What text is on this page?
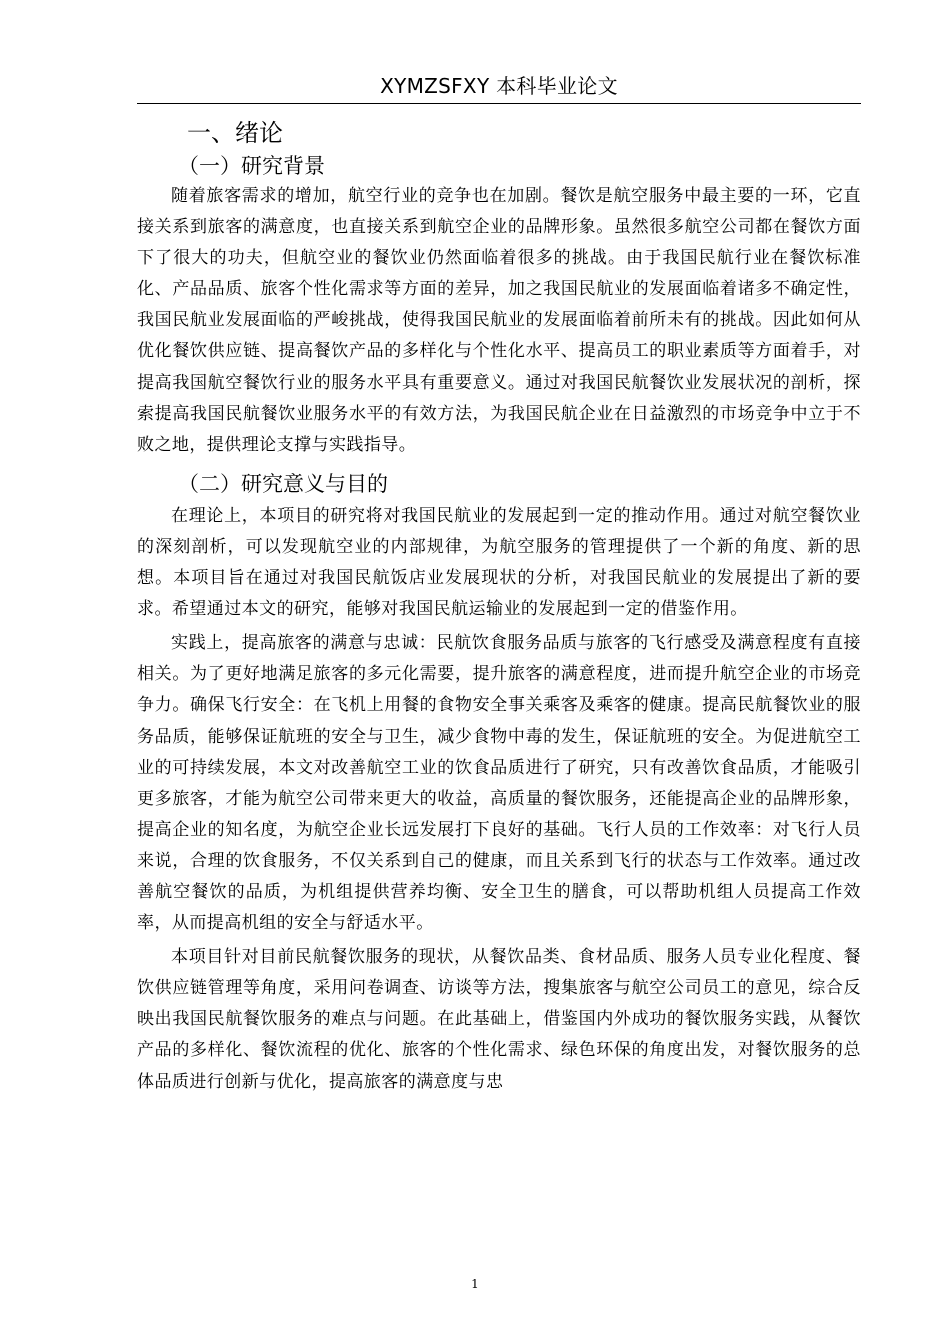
XYMZSFXY 本科毕业论文
一、绪论
（一）研究背景

随着旅客需求的增加，航空行业的竞争也在加剧。餐饮是航空服务中最主要的一环，它直接关系到旅客的满意度，也直接关系到航空企业的品牌形象。虽然很多航空公司都在餐饮方面下了很大的功夫，但航空业的餐饮业仍然面临着很多的挑战。由于我国民航行业在餐饮标准化、产品品质、旅客个性化需求等方面的差异，加之我国民航业的发展面临着诸多不确定性，我国民航业发展面临的严峻挑战，使得我国民航业的发展面临着前所未有的挑战。因此如何从优化餐饮供应链、提高餐饮产品的多样化与个性化水平、提高员工的职业素质等方面着手，对提高我国航空餐饮行业的服务水平具有重要意义。通过对我国民航餐饮业发展状况的剖析，探索提高我国民航餐饮业服务水平的有效方法，为我国民航企业在日益激烈的市场竞争中立于不败之地，提供理论支撑与实践指导。

（二）研究意义与目的

在理论上，本项目的研究将对我国民航业的发展起到一定的推动作用。通过对航空餐饮业的深刻剖析，可以发现航空业的内部规律，为航空服务的管理提供了一个新的角度、新的思想。本项目旨在通过对我国民航饭店业发展现状的分析，对我国民航业的发展提出了新的要求。希望通过本文的研究，能够对我国民航运输业的发展起到一定的借鉴作用。

实践上，提高旅客的满意与忠诚：民航饮食服务品质与旅客的飞行感受及满意程度有直接相关。为了更好地满足旅客的多元化需要，提升旅客的满意程度，进而提升航空企业的市场竞争力。确保飞行安全：在飞机上用餐的食物安全事关乘客及乘客的健康。提高民航餐饮业的服务品质，能够保证航班的安全与卫生，减少食物中毒的发生，保证航班的安全。为促进航空工业的可持续发展，本文对改善航空工业的饮食品质进行了研究，只有改善饮食品质，才能吸引更多旅客，才能为航空公司带来更大的收益，高质量的餐饮服务，还能提高企业的品牌形象，提高企业的知名度，为航空企业长远发展打下良好的基础。飞行人员的工作效率：对飞行人员来说，合理的饮食服务，不仅关系到自己的健康，而且关系到飞行的状态与工作效率。通过改善航空餐饮的品质，为机组提供营养均衡、安全卫生的膳食，可以帮助机组人员提高工作效率，从而提高机组的安全与舒适水平。

本项目针对目前民航餐饮服务的现状，从餐饮品类、食材品质、服务人员专业化程度、餐饮供应链管理等角度，采用问卷调查、访谈等方法，搜集旅客与航空公司员工的意见，综合反映出我国民航餐饮服务的难点与问题。在此基础上，借鉴国内外成功的餐饮服务实践，从餐饮产品的多样化、餐饮流程的优化、旅客的个性化需求、绿色环保的角度出发，对餐饮服务的总体品质进行创新与优化，提高旅客的满意度与忠

1
